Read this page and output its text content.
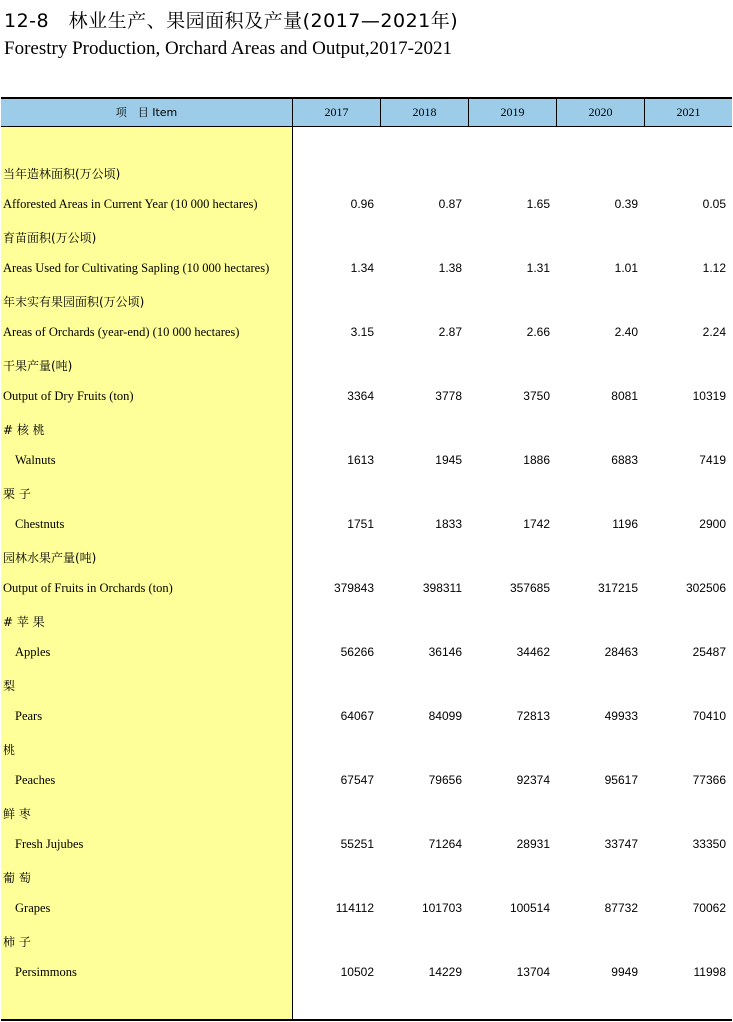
12-8　林业生产、果园面积及产量(2017—2021年)
Forestry Production, Orchard Areas and Output,2017-2021
项　目 Item	2017	2018	2019	2020	2021
当年造林面积(万公顷)
Afforested Areas in Current Year (10 000 hectares)	0.96	0.87	1.65	0.39	0.05
育苗面积(万公顷)
Areas Used for Cultivating Sapling (10 000 hectares)	1.34	1.38	1.31	1.01	1.12
年末实有果园面积(万公顷)
Areas of Orchards (year-end) (10 000 hectares)	3.15	2.87	2.66	2.40	2.24
干果产量(吨)
Output of Dry Fruits (ton)	3364	3778	3750	8081	10319
# 核 桃
Walnuts	1613	1945	1886	6883	7419
栗 子
Chestnuts	1751	1833	1742	1196	2900
园林水果产量(吨)
Output of Fruits in Orchards (ton)	379843	398311	357685	317215	302506
# 苹 果
Apples	56266	36146	34462	28463	25487
梨
Pears	64067	84099	72813	49933	70410
桃
Peaches	67547	79656	92374	95617	77366
鲜 枣
Fresh Jujubes	55251	71264	28931	33747	33350
葡 萄
Grapes	114112	101703	100514	87732	70062
柿 子
Persimmons	10502	14229	13704	9949	11998
